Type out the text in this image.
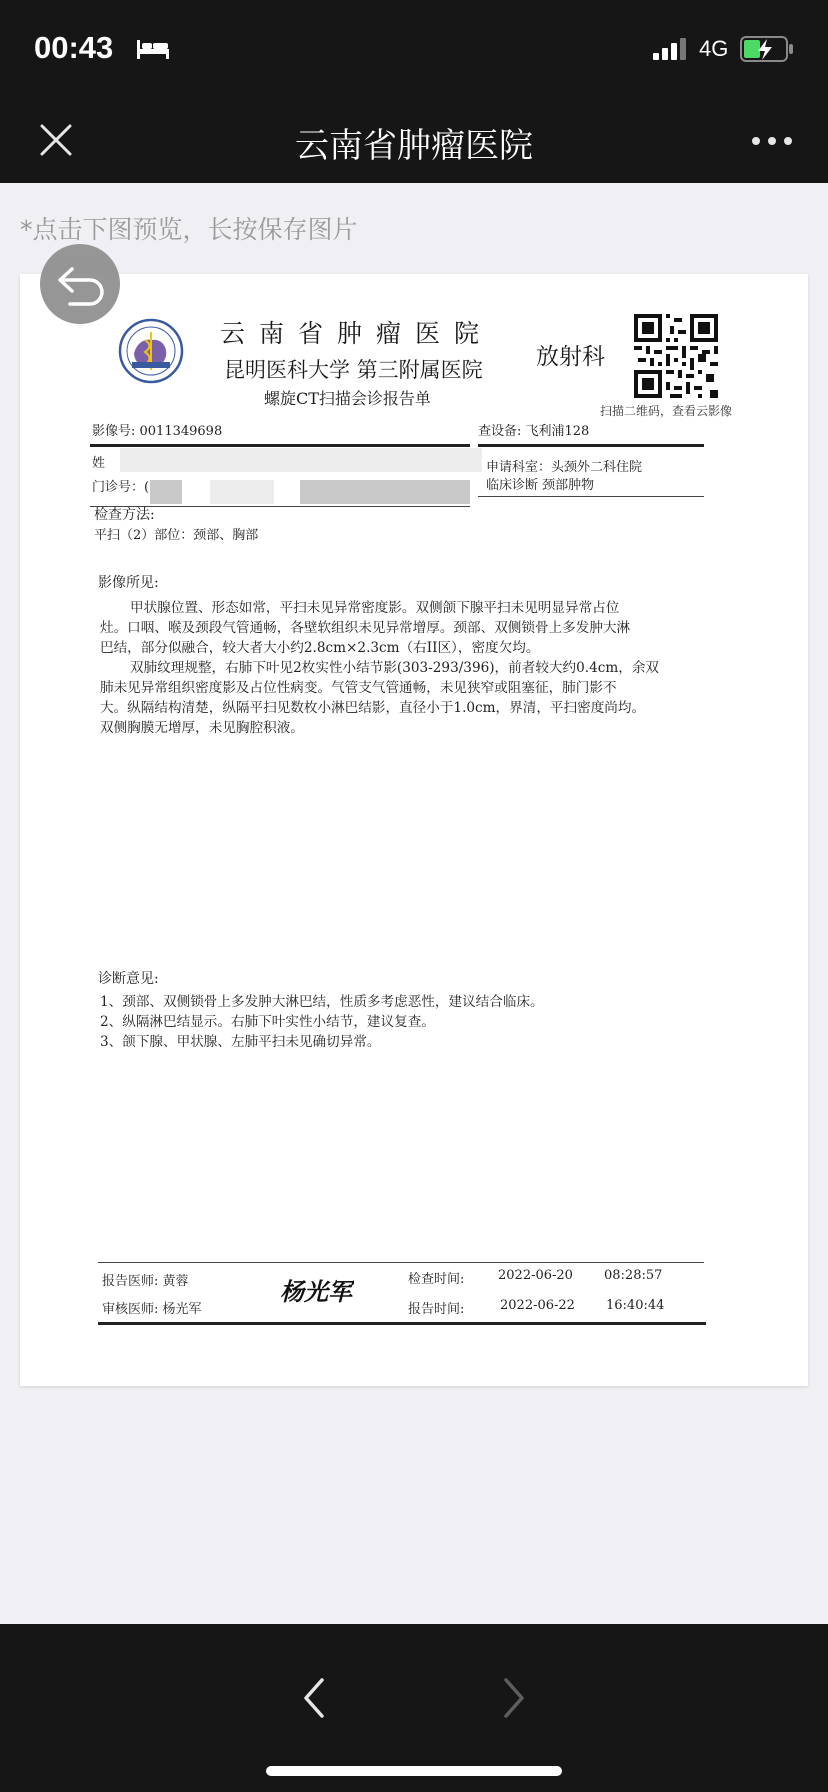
00:43	4G
云南省肿瘤医院
*点击下图预览，长按保存图片
云南省肿瘤医院
昆明医科大学 第三附属医院
螺旋CT扫描会诊报告单
放射科
扫描二维码，查看云影像
影像号: 0011349698	查设备: 飞利浦128
姓
门诊号：(
申请科室：头颈外二科住院
临床诊断 颈部肿物
检查方法:
平扫（2）部位：颈部、胸部
影像所见:
甲状腺位置、形态如常，平扫未见异常密度影。双侧颌下腺平扫未见明显异常占位
灶。口咽、喉及颈段气管通畅，各壁软组织未见异常增厚。颈部、双侧锁骨上多发肿大淋
巴结，部分似融合，较大者大小约2.8cm×2.3cm（右II区），密度欠均。
双肺纹理规整，右肺下叶见2枚实性小结节影(303-293/396)，前者较大约0.4cm，余双
肺未见异常组织密度影及占位性病变。气管支气管通畅，未见狭窄或阻塞征，肺门影不
大。纵隔结构清楚，纵隔平扫见数枚小淋巴结影，直径小于1.0cm，界清，平扫密度尚均。
双侧胸膜无增厚，未见胸腔积液。
诊断意见:
1、颈部、双侧锁骨上多发肿大淋巴结，性质多考虑恶性，建议结合临床。
2、纵隔淋巴结显示。右肺下叶实性小结节，建议复查。
3、颌下腺、甲状腺、左肺平扫未见确切异常。
报告医师: 黄蓉
审核医师: 杨光军
杨光军	检查时间:	2022-06-20 08:28:57
报告时间:	2022-06-22 16:40:44
